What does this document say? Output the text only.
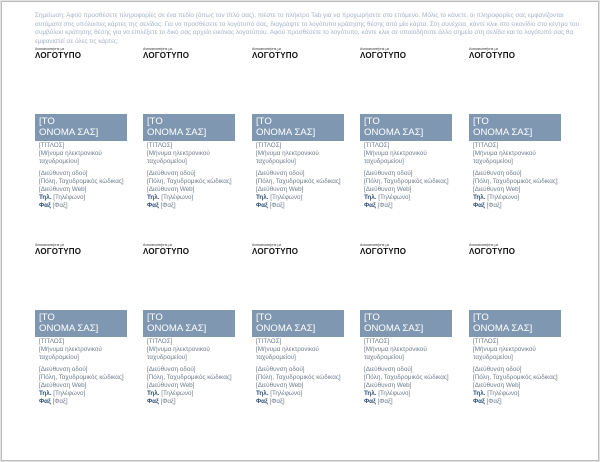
Σημείωση: Αφού προσθέσετε πληροφορίες σε ένα πεδίο (όπως τον τίτλο σας), πιέστε το πλήκτρο Tab για να προχωρήσετε στο επόμενο. Μόλις το κάνετε, οι πληροφορίες σας εμφανίζονται αυτόματα στις υπόλοιπες κάρτες της σελίδας. Για να προσθέσετε το λογότυπό σας, διαγράψτε το λογότυπο κράτησης θέσης από μία κάρτα. Στη συνέχεια, κάντε κλικ στο εικονίδιο στο κέντρο του συμβόλου κράτησης θέσης για να επιλέξετε το δικό σας αρχείο εικόνας λογοτύπου. Αφού προσθέσετε το λογότυπο, κάντε κλικ σε οποιοδήποτε άλλο σημείο στη σελίδα και το λογότυπό σας θα εμφανιστεί σε όλες τις κάρτες.

Αντικαταστήστε με
ΛΟΓΟΤΥΠΟ
[ΤΟ
ΟΝΟΜΑ ΣΑΣ]
[ΤΙΤΛΟΣ]
[Μήνυμα ηλεκτρονικού
ταχυδρομείου]
[Διεύθυνση οδού]
[Πόλη, Ταχυδρομικός κώδικας]
[Διεύθυνση Web]
Τηλ. [Τηλέφωνο]
Φαξ [Φαξ]
Αντικαταστήστε με
ΛΟΓΟΤΥΠΟ
[ΤΟ
ΟΝΟΜΑ ΣΑΣ]
[ΤΙΤΛΟΣ]
[Μήνυμα ηλεκτρονικού
ταχυδρομείου]
[Διεύθυνση οδού]
[Πόλη, Ταχυδρομικός κώδικας]
[Διεύθυνση Web]
Τηλ. [Τηλέφωνο]
Φαξ [Φαξ]
Αντικαταστήστε με
ΛΟΓΟΤΥΠΟ
[ΤΟ
ΟΝΟΜΑ ΣΑΣ]
[ΤΙΤΛΟΣ]
[Μήνυμα ηλεκτρονικού
ταχυδρομείου]
[Διεύθυνση οδού]
[Πόλη, Ταχυδρομικός κώδικας]
[Διεύθυνση Web]
Τηλ. [Τηλέφωνο]
Φαξ [Φαξ]
Αντικαταστήστε με
ΛΟΓΟΤΥΠΟ
[ΤΟ
ΟΝΟΜΑ ΣΑΣ]
[ΤΙΤΛΟΣ]
[Μήνυμα ηλεκτρονικού
ταχυδρομείου]
[Διεύθυνση οδού]
[Πόλη, Ταχυδρομικός κώδικας]
[Διεύθυνση Web]
Τηλ. [Τηλέφωνο]
Φαξ [Φαξ]
Αντικαταστήστε με
ΛΟΓΟΤΥΠΟ
[ΤΟ
ΟΝΟΜΑ ΣΑΣ]
[ΤΙΤΛΟΣ]
[Μήνυμα ηλεκτρονικού
ταχυδρομείου]
[Διεύθυνση οδού]
[Πόλη, Ταχυδρομικός κώδικας]
[Διεύθυνση Web]
Τηλ. [Τηλέφωνο]
Φαξ [Φαξ]
Αντικαταστήστε με
ΛΟΓΟΤΥΠΟ
[ΤΟ
ΟΝΟΜΑ ΣΑΣ]
[ΤΙΤΛΟΣ]
[Μήνυμα ηλεκτρονικού
ταχυδρομείου]
[Διεύθυνση οδού]
[Πόλη, Ταχυδρομικός κώδικας]
[Διεύθυνση Web]
Τηλ. [Τηλέφωνο]
Φαξ [Φαξ]
Αντικαταστήστε με
ΛΟΓΟΤΥΠΟ
[ΤΟ
ΟΝΟΜΑ ΣΑΣ]
[ΤΙΤΛΟΣ]
[Μήνυμα ηλεκτρονικού
ταχυδρομείου]
[Διεύθυνση οδού]
[Πόλη, Ταχυδρομικός κώδικας]
[Διεύθυνση Web]
Τηλ. [Τηλέφωνο]
Φαξ [Φαξ]
Αντικαταστήστε με
ΛΟΓΟΤΥΠΟ
[ΤΟ
ΟΝΟΜΑ ΣΑΣ]
[ΤΙΤΛΟΣ]
[Μήνυμα ηλεκτρονικού
ταχυδρομείου]
[Διεύθυνση οδού]
[Πόλη, Ταχυδρομικός κώδικας]
[Διεύθυνση Web]
Τηλ. [Τηλέφωνο]
Φαξ [Φαξ]
Αντικαταστήστε με
ΛΟΓΟΤΥΠΟ
[ΤΟ
ΟΝΟΜΑ ΣΑΣ]
[ΤΙΤΛΟΣ]
[Μήνυμα ηλεκτρονικού
ταχυδρομείου]
[Διεύθυνση οδού]
[Πόλη, Ταχυδρομικός κώδικας]
[Διεύθυνση Web]
Τηλ. [Τηλέφωνο]
Φαξ [Φαξ]
Αντικαταστήστε με
ΛΟΓΟΤΥΠΟ
[ΤΟ
ΟΝΟΜΑ ΣΑΣ]
[ΤΙΤΛΟΣ]
[Μήνυμα ηλεκτρονικού
ταχυδρομείου]
[Διεύθυνση οδού]
[Πόλη, Ταχυδρομικός κώδικας]
[Διεύθυνση Web]
Τηλ. [Τηλέφωνο]
Φαξ [Φαξ]
